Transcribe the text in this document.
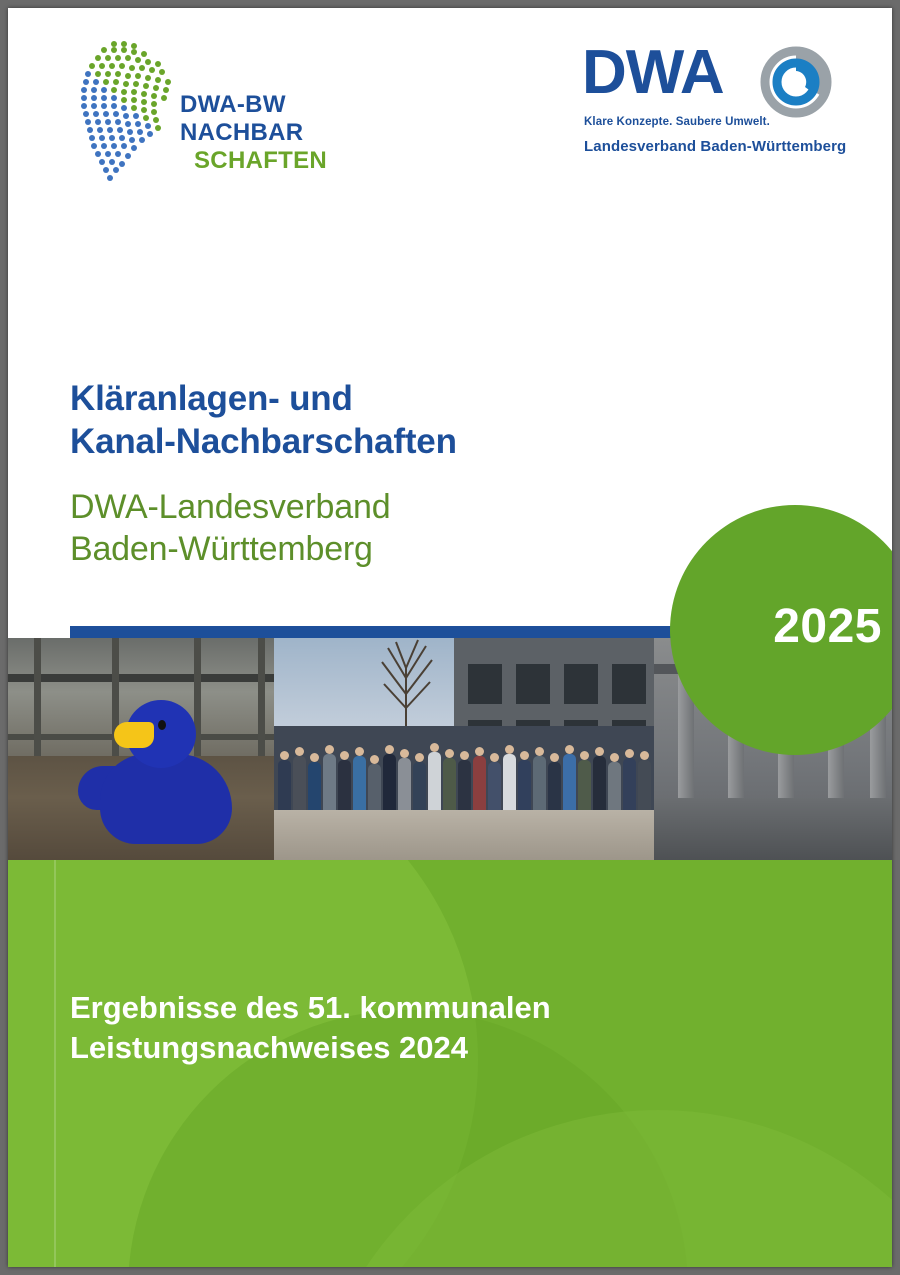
DWA-BW
NACHBAR
SCHAFTEN
DWA
Klare Konzepte. Saubere Umwelt.
Landesverband Baden-Württemberg
Kläranlagen- und
Kanal-Nachbarschaften
DWA-Landesverband
Baden-Württemberg
2025
Ergebnisse des 51. kommunalen
Leistungsnachweises 2024
